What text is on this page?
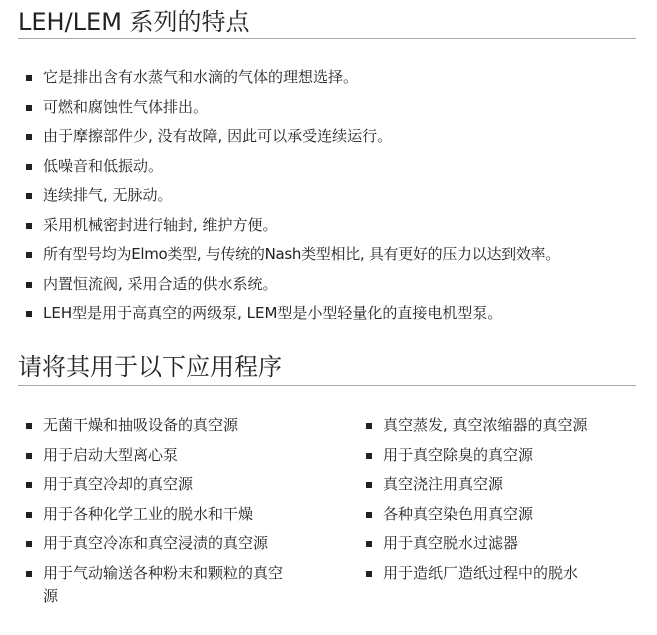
LEH/LEM 系列的特点
它是排出含有水蒸气和水滴的气体的理想选择。
可燃和腐蚀性气体排出。
由于摩擦部件少, 没有故障, 因此可以承受连续运行。
低噪音和低振动。
连续排气, 无脉动。
采用机械密封进行轴封, 维护方便。
所有型号均为Elmo类型, 与传统的Nash类型相比, 具有更好的压力以达到效率。
内置恒流阀, 采用合适的供水系统。
LEH型是用于高真空的两级泵, LEM型是小型轻量化的直接电机型泵。
请将其用于以下应用程序
无菌干燥和抽吸设备的真空源
用于启动大型离心泵
用于真空冷却的真空源
用于各种化学工业的脱水和干燥
用于真空冷冻和真空浸渍的真空源
用于气动输送各种粉末和颗粒的真空源
真空蒸发, 真空浓缩器的真空源
用于真空除臭的真空源
真空浇注用真空源
各种真空染色用真空源
用于真空脱水过滤器
用于造纸厂造纸过程中的脱水
